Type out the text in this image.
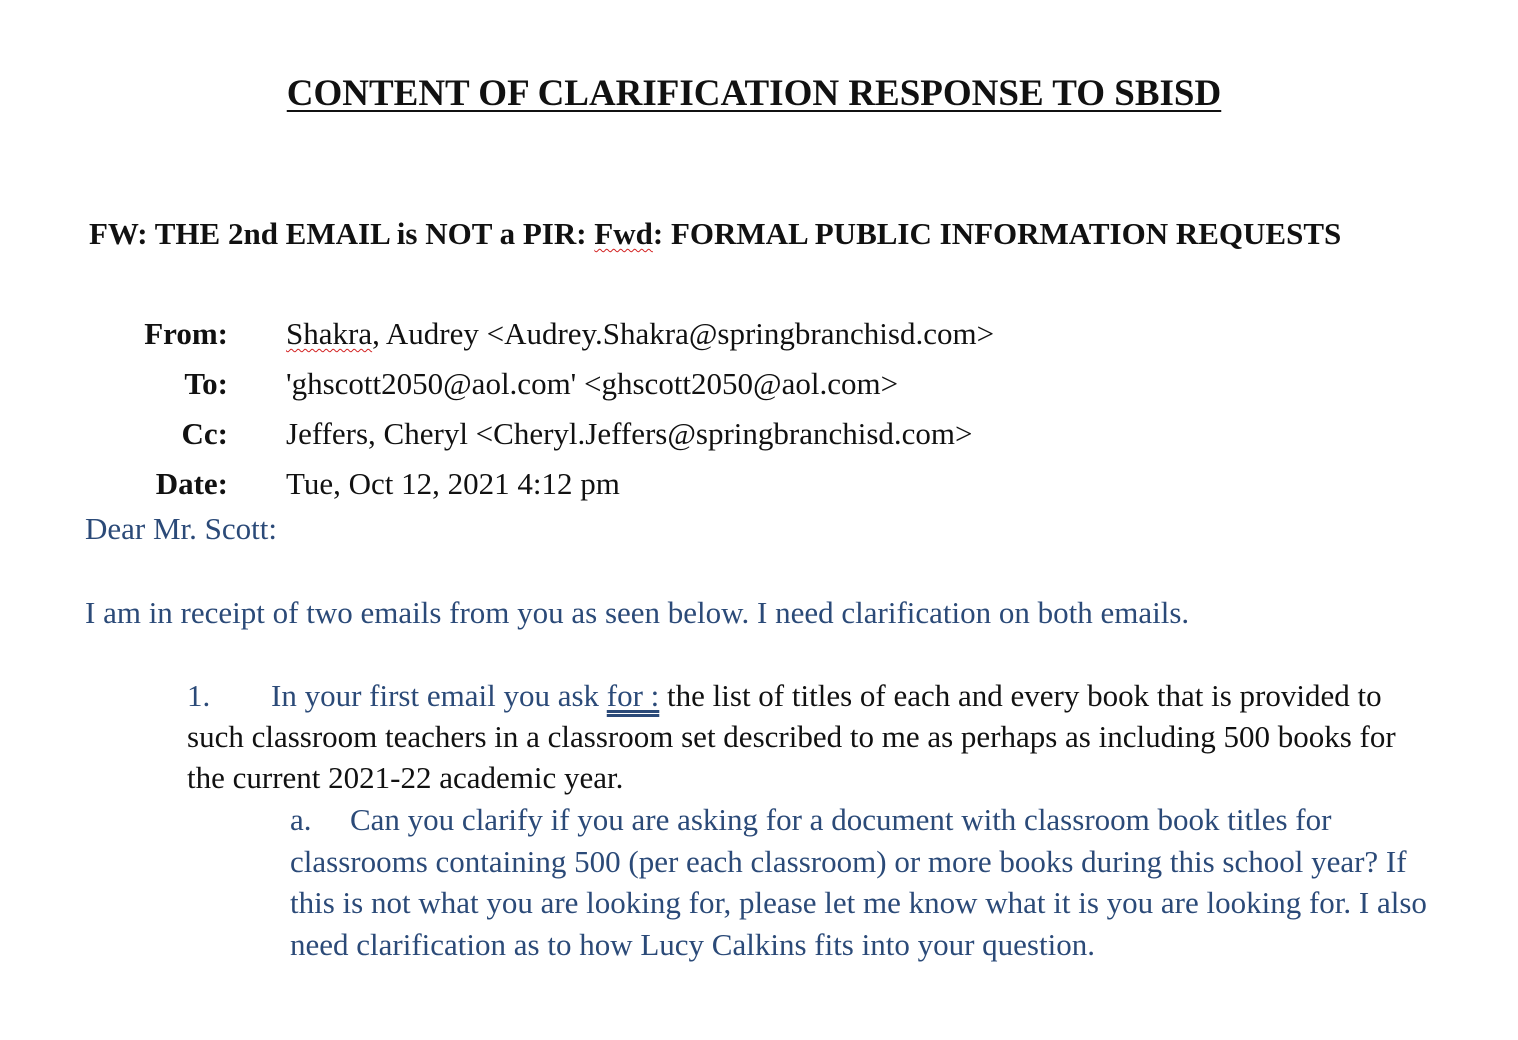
CONTENT OF CLARIFICATION RESPONSE TO SBISD

FW: THE 2nd EMAIL is NOT a PIR: Fwd: FORMAL PUBLIC INFORMATION REQUESTS

From: Shakra, Audrey <Audrey.Shakra@springbranchisd.com>
To: 'ghscott2050@aol.com' <ghscott2050@aol.com>
Cc: Jeffers, Cheryl <Cheryl.Jeffers@springbranchisd.com>
Date: Tue, Oct 12, 2021 4:12 pm

Dear Mr. Scott:

I am in receipt of two emails from you as seen below. I need clarification on both emails.

1. In your first email you ask for : the list of titles of each and every book that is provided to such classroom teachers in a classroom set described to me as perhaps as including 500 books for the current 2021-22 academic year.

a. Can you clarify if you are asking for a document with classroom book titles for classrooms containing 500 (per each classroom) or more books during this school year? If this is not what you are looking for, please let me know what it is you are looking for. I also need clarification as to how Lucy Calkins fits into your question.
